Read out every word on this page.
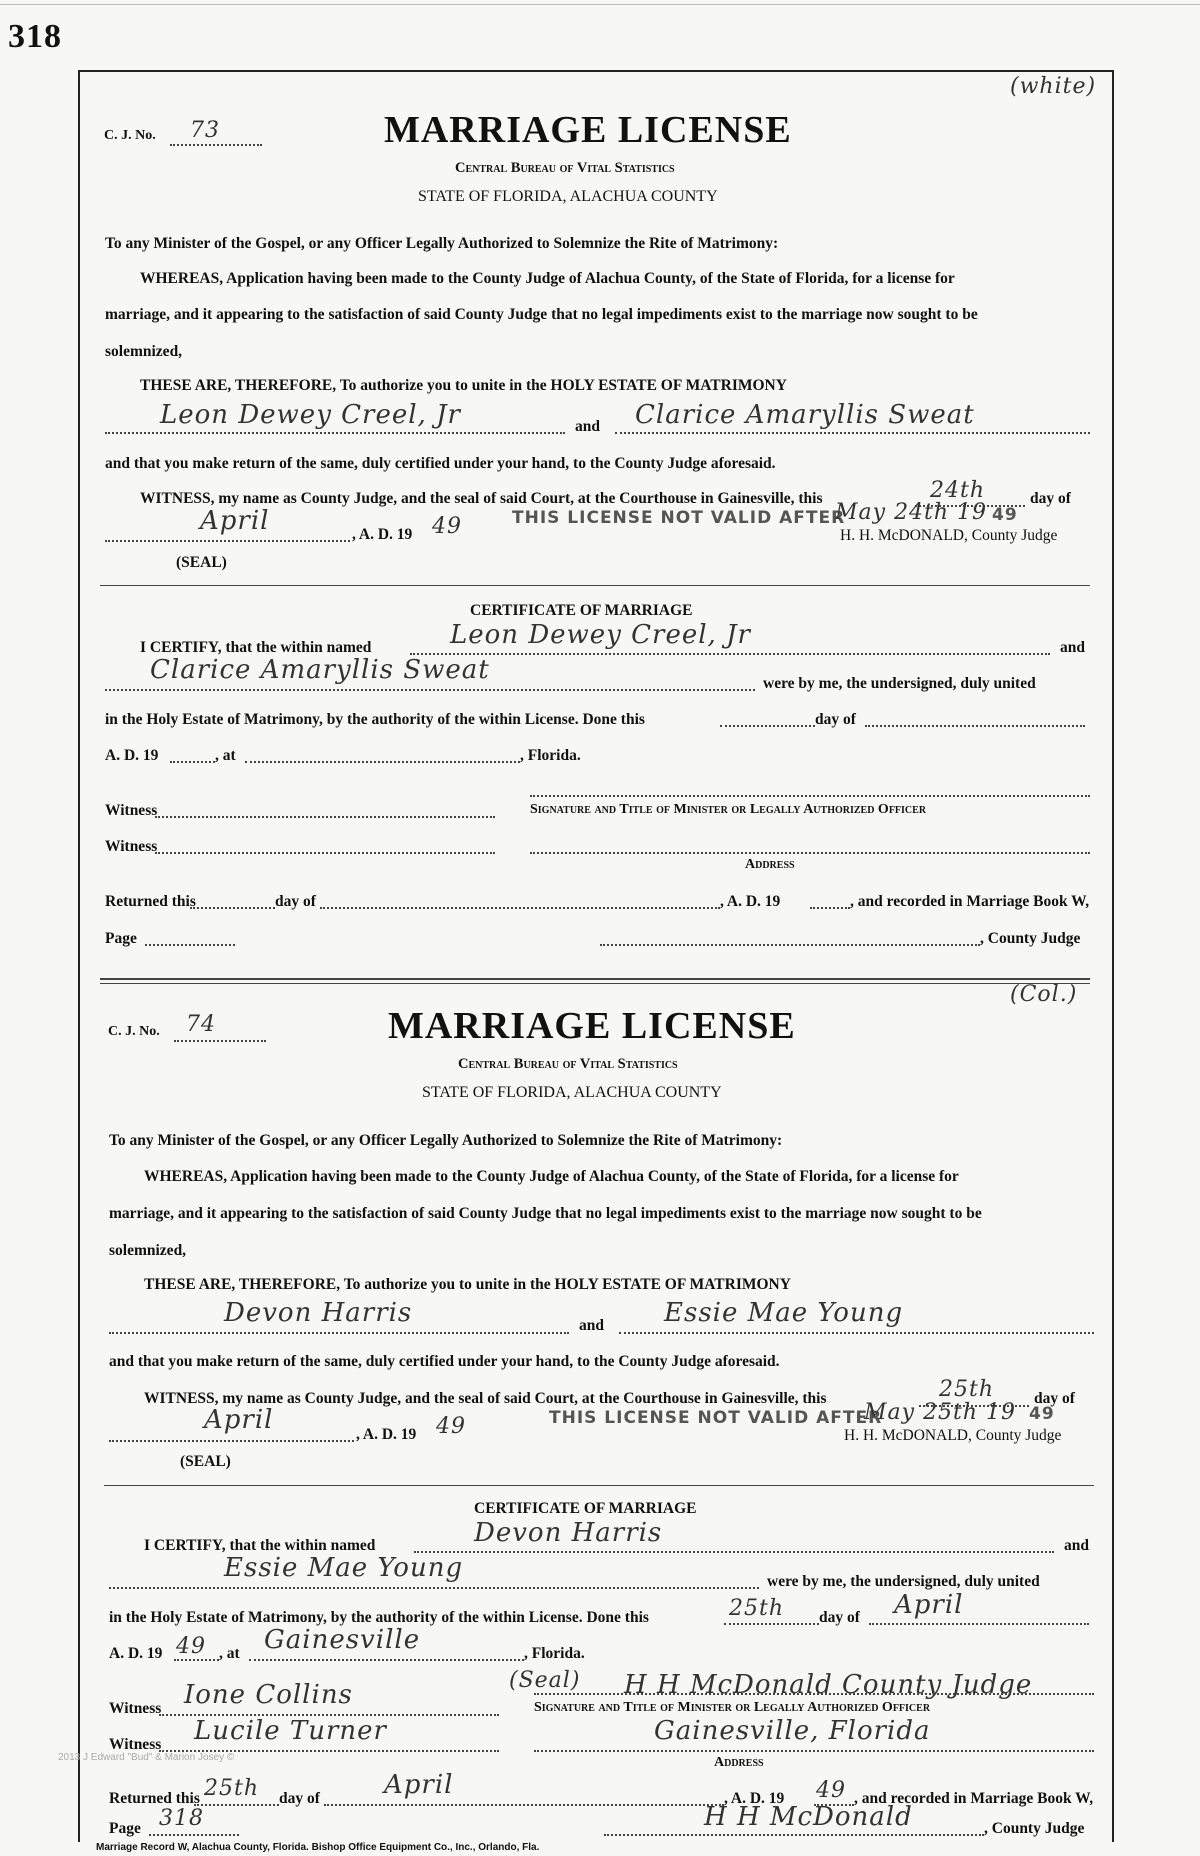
318
2013 J Edward "Bud" & Marion Josey ©
(white)
C. J. No. 73	MARRIAGE LICENSE
Central Bureau of Vital Statistics
STATE OF FLORIDA, ALACHUA COUNTY
To any Minister of the Gospel, or any Officer Legally Authorized to Solemnize the Rite of Matrimony:
WHEREAS, Application having been made to the County Judge of Alachua County, of the State of Florida, for a license for
marriage, and it appearing to the satisfaction of said County Judge that no legal impediments exist to the marriage now sought to be
solemnized,
THESE ARE, THEREFORE, To authorize you to unite in the HOLY ESTATE OF MATRIMONY
Leon Dewey Creel, Jr	and Clarice Amaryllis Sweat
and that you make return of the same, duly certified under your hand, to the County Judge aforesaid.
WITNESS, my name as County Judge, and the seal of said Court, at the Courthouse in Gainesville, this	24th	day of
April	, A. D. 19 49	THIS LICENSE NOT VALID AFTER
May 24th 19 49
H. H. McDONALD, County Judge
(SEAL)
CERTIFICATE OF MARRIAGE
I CERTIFY, that the within named	Leon Dewey Creel, Jr	and
Clarice Amaryllis Sweat	were by me, the undersigned, duly united
in the Holy Estate of Matrimony, by the authority of the within License. Done this	day of
A. D. 19	, at	, Florida.
Witness	Signature and Title of Minister or Legally Authorized Officer
Witness
Address
Returned this	day of	, A. D. 19	, and recorded in Marriage Book W,
Page	, County Judge
(Col.)
C. J. No. 74	MARRIAGE LICENSE
Central Bureau of Vital Statistics
STATE OF FLORIDA, ALACHUA COUNTY
To any Minister of the Gospel, or any Officer Legally Authorized to Solemnize the Rite of Matrimony:
WHEREAS, Application having been made to the County Judge of Alachua County, of the State of Florida, for a license for
marriage, and it appearing to the satisfaction of said County Judge that no legal impediments exist to the marriage now sought to be
solemnized,
THESE ARE, THEREFORE, To authorize you to unite in the HOLY ESTATE OF MATRIMONY
Devon Harris	and Essie Mae Young
and that you make return of the same, duly certified under your hand, to the County Judge aforesaid.
WITNESS, my name as County Judge, and the seal of said Court, at the Courthouse in Gainesville, this	25th	day of
April	, A. D. 19 49	THIS LICENSE NOT VALID AFTER
May 25th 19 49
H. H. McDONALD, County Judge
(SEAL)
CERTIFICATE OF MARRIAGE
I CERTIFY, that the within named	Devon Harris	and
Essie Mae Young	were by me, the undersigned, duly united
in the Holy Estate of Matrimony, by the authority of the within License. Done this	25th day of April
A. D. 19 49 , at Gainesville	, Florida.
Witness Ione Collins	(Seal) H H McDonald County Judge
Signature and Title of Minister or Legally Authorized Officer
Witness Lucile Turner	Gainesville, Florida
Address
Returned this 25th day of April	, A. D. 19 49 , and recorded in Marriage Book W,
Page 318	H H McDonald	, County Judge
Marriage Record W, Alachua County, Florida. Bishop Office Equipment Co., Inc., Orlando, Fla.
